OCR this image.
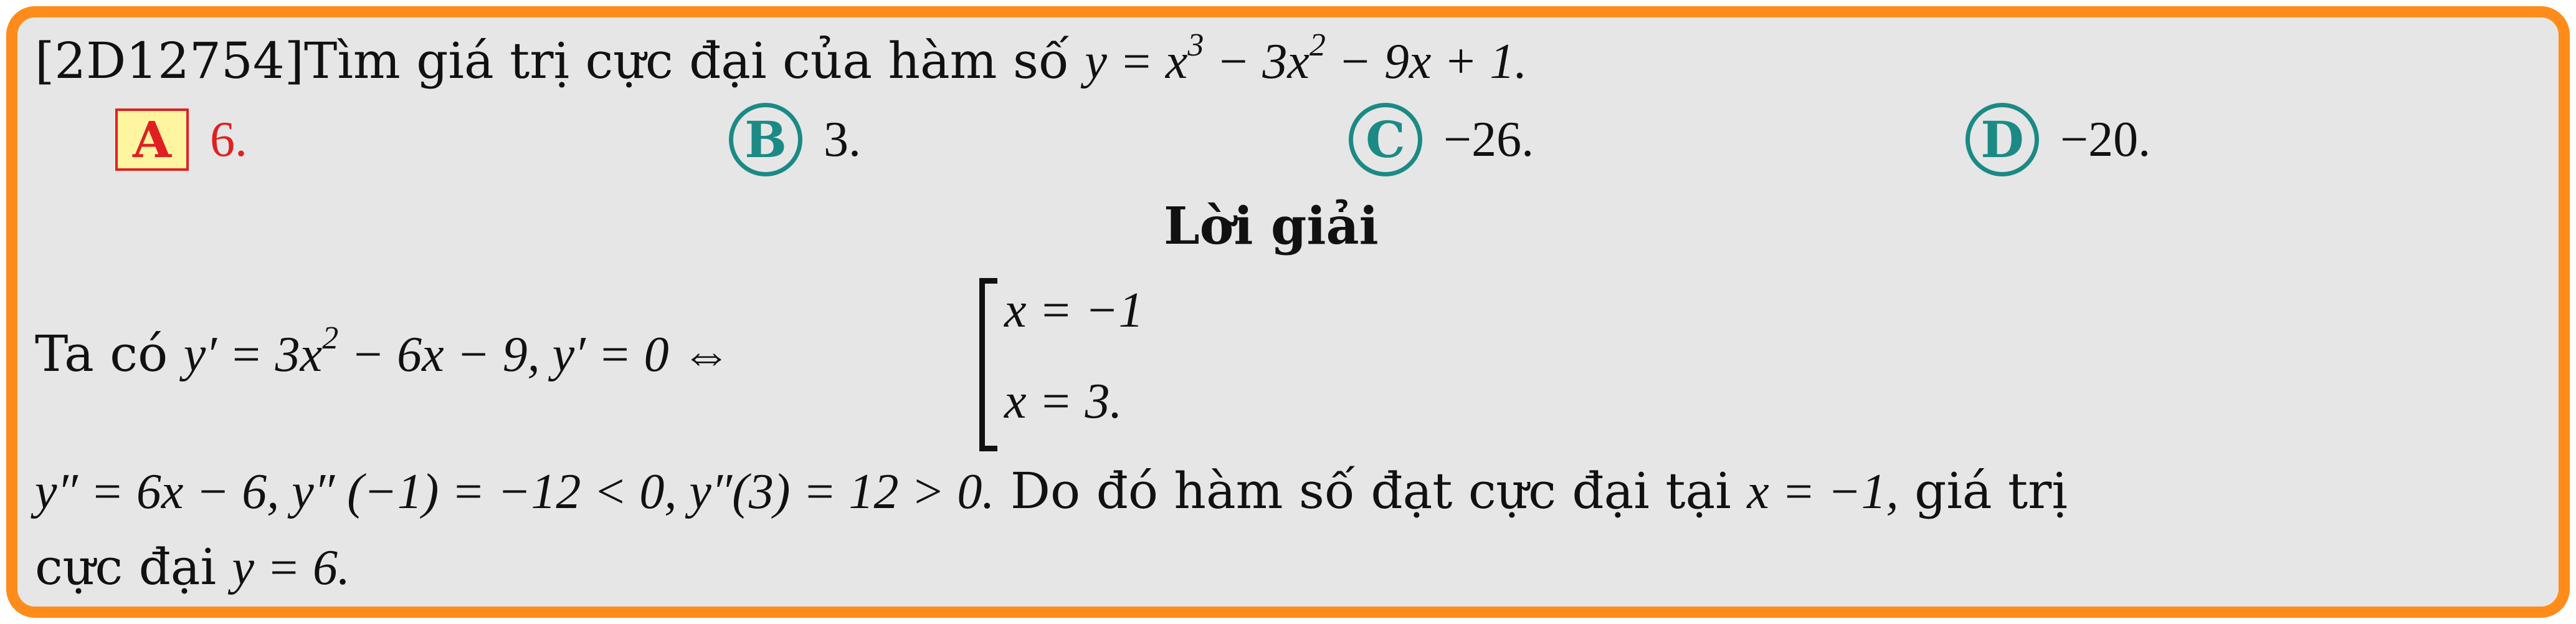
[2D12754]Tìm giá trị cực đại của hàm số $y = x^3 - 3x^2 - 9x + 1$.
A 6.	B 3.	C −26.	D −20.
Lời giải
Ta có $y' = 3x^2 - 6x - 9$, y′ = 0 ⇔
x = −1
x = 3.
y″ = 6x − 6, y″ (−1) = −12 < 0, y″(3) = 12 > 0. Do đó hàm số đạt cực đại tại x = −1, giá trị
cực đại y = 6.
